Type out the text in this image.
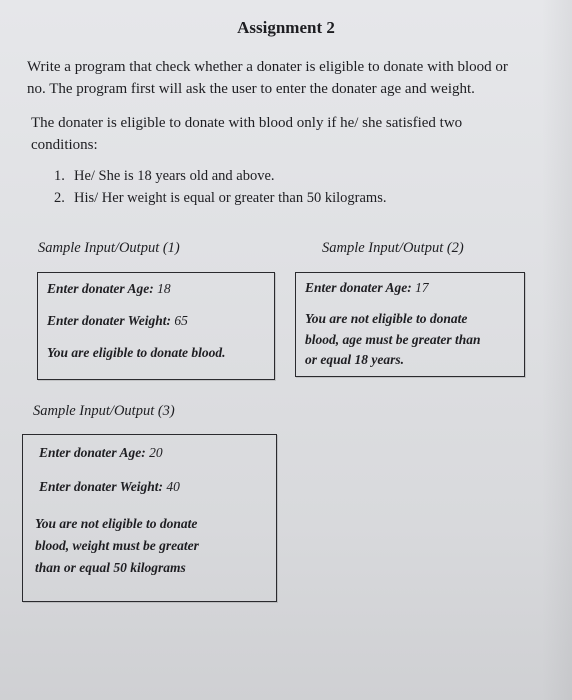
Assignment 2
Write a program that check whether a donater is eligible to donate with blood or
no. The program first will ask the user to enter the donater age and weight.
The donater is eligible to donate with blood only if he/ she satisfied two
conditions:
1. He/ She is 18 years old and above.
2. His/ Her weight is equal or greater than 50 kilograms.
Sample Input/Output (1)
Enter donater Age: 18
Enter donater Weight: 65
You are eligible to donate blood.
Sample Input/Output (2)
Enter donater Age: 17
You are not eligible to donate
blood, age must be greater than
or equal 18 years.
Sample Input/Output (3)
Enter donater Age: 20
Enter donater Weight: 40
You are not eligible to donate
blood, weight must be greater
than or equal 50 kilograms
